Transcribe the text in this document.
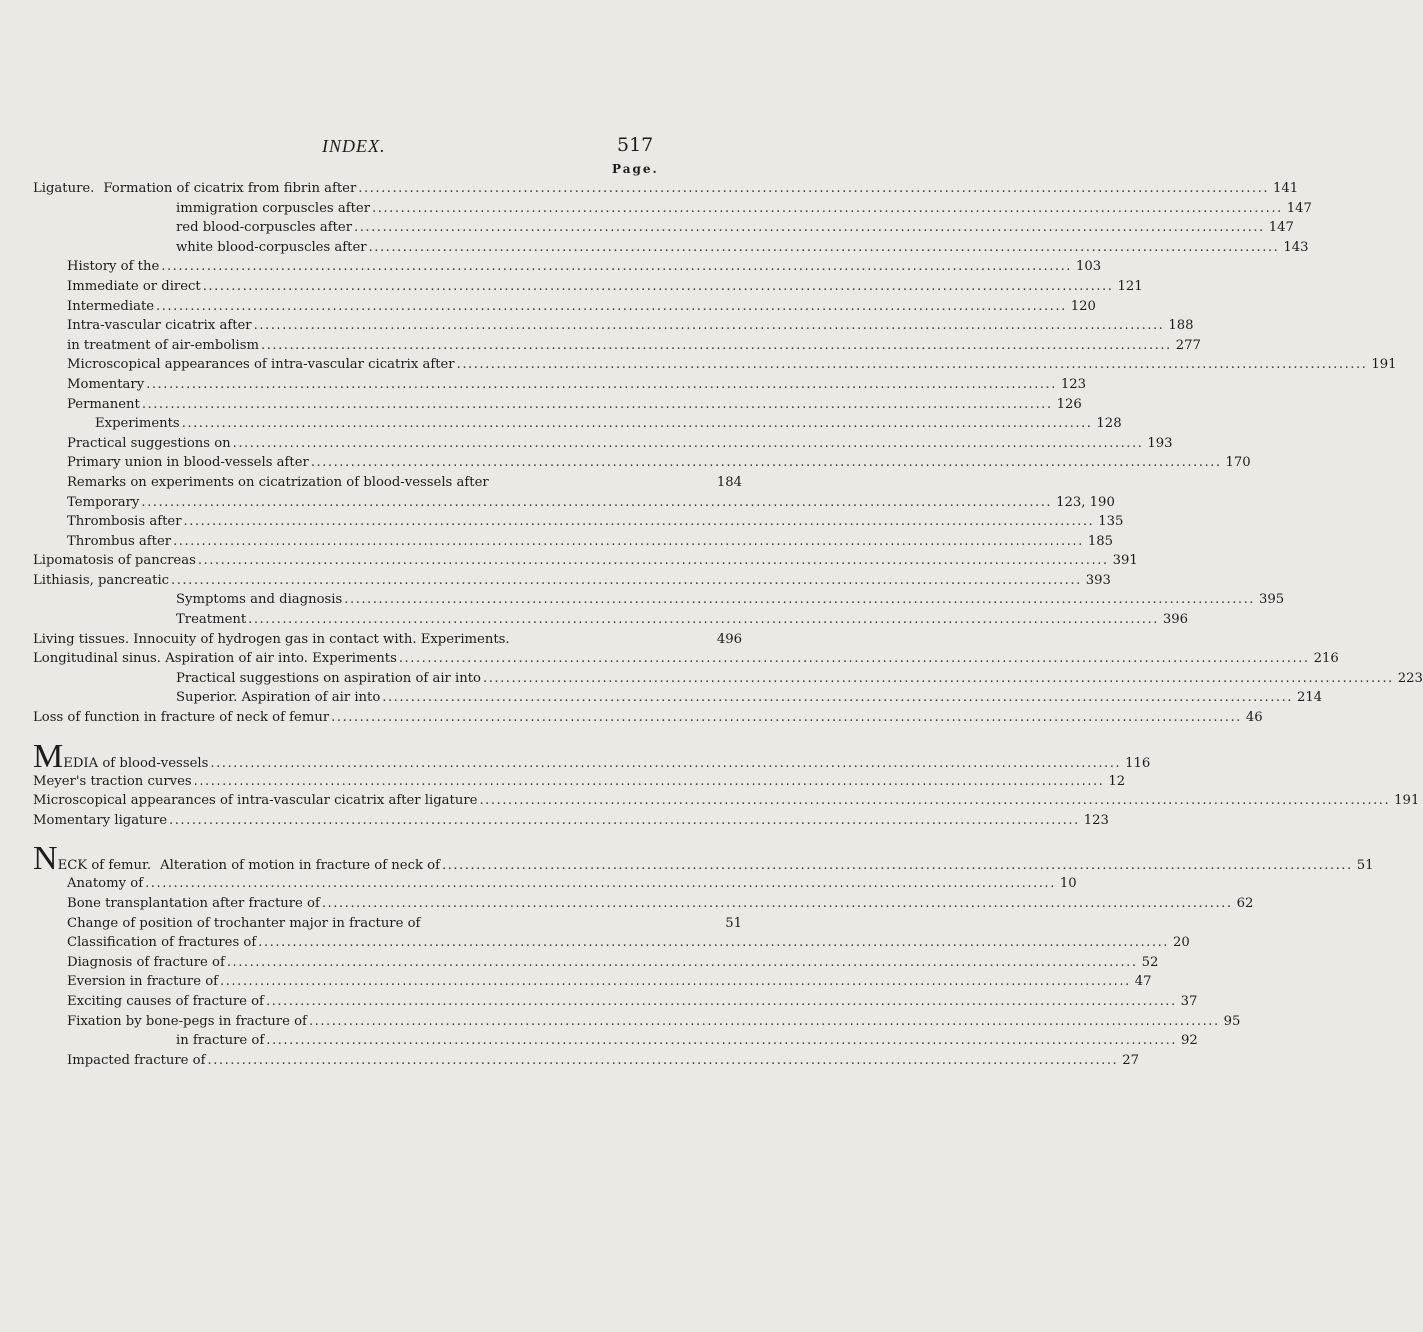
INDEX.	517
Page.
Ligature. Formation of cicatrix from fibrin after ................................................................................................................................................................ 141
immigration corpuscles after ................................................................................................................................................................ 147
red blood-corpuscles after ................................................................................................................................................................ 147
white blood-corpuscles after ................................................................................................................................................................ 143
History of the ................................................................................................................................................................ 103
Immediate or direct ................................................................................................................................................................ 121
Intermediate ................................................................................................................................................................ 120
Intra-vascular cicatrix after ................................................................................................................................................................ 188
in treatment of air-embolism ................................................................................................................................................................ 277
Microscopical appearances of intra-vascular cicatrix after ................................................................................................................................................................ 191
Momentary ................................................................................................................................................................ 123
Permanent ................................................................................................................................................................ 126
Experiments ................................................................................................................................................................ 128
Practical suggestions on ................................................................................................................................................................ 193
Primary union in blood-vessels after ................................................................................................................................................................ 170
Remarks on experiments on cicatrization of blood-vessels after	184
Temporary ................................................................................................................................................................ 123, 190
Thrombosis after ................................................................................................................................................................ 135
Thrombus after ................................................................................................................................................................ 185
Lipomatosis of pancreas ................................................................................................................................................................ 391
Lithiasis, pancreatic ................................................................................................................................................................ 393
Symptoms and diagnosis ................................................................................................................................................................ 395
Treatment ................................................................................................................................................................ 396
Living tissues. Innocuity of hydrogen gas in contact with. Experiments.	496
Longitudinal sinus. Aspiration of air into. Experiments ................................................................................................................................................................ 216
Practical suggestions on aspiration of air into ................................................................................................................................................................ 223
Superior. Aspiration of air into ................................................................................................................................................................ 214
Loss of function in fracture of neck of femur ................................................................................................................................................................ 46
M EDIA of blood-vessels ................................................................................................................................................................ 116
Meyer's traction curves ................................................................................................................................................................ 12
Microscopical appearances of intra-vascular cicatrix after ligature ................................................................................................................................................................ 191
Momentary ligature ................................................................................................................................................................ 123
N ECK of femur. Alteration of motion in fracture of neck of ................................................................................................................................................................ 51
Anatomy of ................................................................................................................................................................ 10
Bone transplantation after fracture of ................................................................................................................................................................ 62
Change of position of trochanter major in fracture of	51
Classification of fractures of ................................................................................................................................................................ 20
Diagnosis of fracture of ................................................................................................................................................................ 52
Eversion in fracture of ................................................................................................................................................................ 47
Exciting causes of fracture of ................................................................................................................................................................ 37
Fixation by bone-pegs in fracture of ................................................................................................................................................................ 95
in fracture of ................................................................................................................................................................ 92
Impacted fracture of ................................................................................................................................................................ 27
